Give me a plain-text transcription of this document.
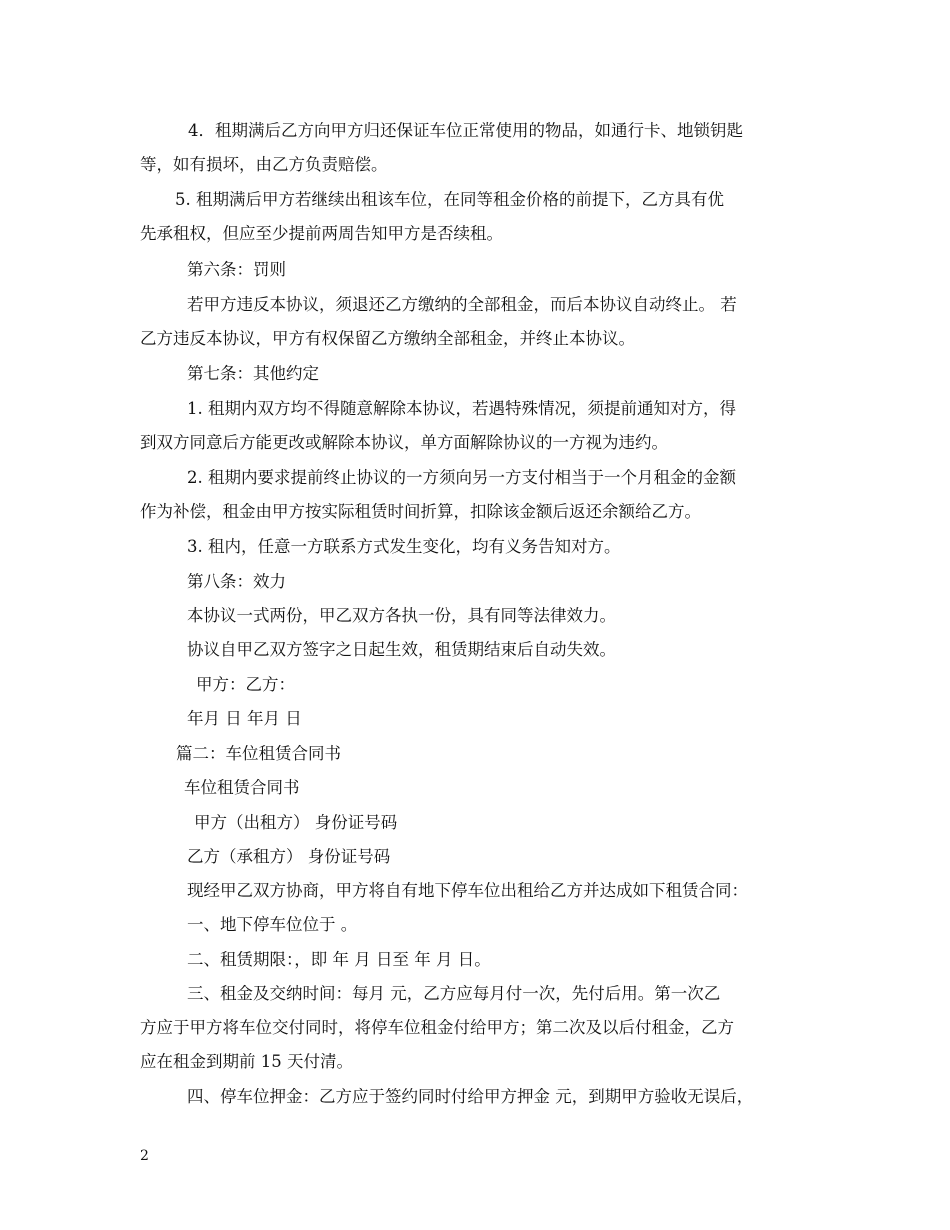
4．租期满后乙方向甲方归还保证车位正常使用的物品，如通行卡、地锁钥匙
等，如有损坏，由乙方负责赔偿。
5. 租期满后甲方若继续出租该车位，在同等租金价格的前提下，乙方具有优
先承租权，但应至少提前两周告知甲方是否续租。
第六条：罚则
若甲方违反本协议，须退还乙方缴纳的全部租金，而后本协议自动终止。 若
乙方违反本协议，甲方有权保留乙方缴纳全部租金，并终止本协议。
第七条：其他约定
1. 租期内双方均不得随意解除本协议，若遇特殊情况，须提前通知对方，得
到双方同意后方能更改或解除本协议，单方面解除协议的一方视为违约。
2. 租期内要求提前终止协议的一方须向另一方支付相当于一个月租金的金额
作为补偿，租金由甲方按实际租赁时间折算，扣除该金额后返还余额给乙方。
3. 租内，任意一方联系方式发生变化，均有义务告知对方。
第八条：效力
本协议一式两份，甲乙双方各执一份，具有同等法律效力。
协议自甲乙双方签字之日起生效，租赁期结束后自动失效。
甲方：乙方：
年月 日 年月 日
篇二：车位租赁合同书
车位租赁合同书
甲方（出租方） 身份证号码
乙方（承租方） 身份证号码
现经甲乙双方协商，甲方将自有地下停车位出租给乙方并达成如下租赁合同：
一、地下停车位位于 。
二、租赁期限：，即 年 月 日至 年 月 日。
三、租金及交纳时间：每月 元，乙方应每月付一次，先付后用。第一次乙
方应于甲方将车位交付同时，将停车位租金付给甲方；第二次及以后付租金，乙方
应在租金到期前 15 天付清。
四、停车位押金：乙方应于签约同时付给甲方押金 元，到期甲方验收无误后，
2
